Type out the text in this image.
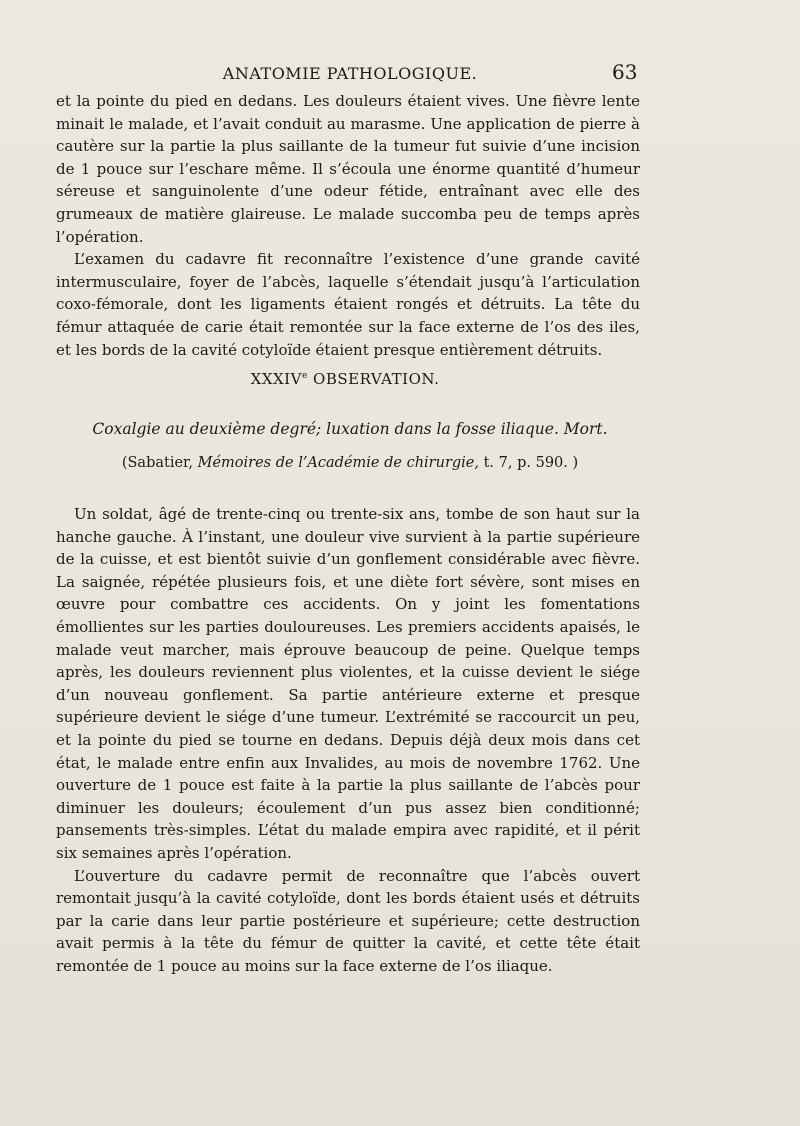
ANATOMIE PATHOLOGIQUE.	63

et la pointe du pied en dedans. Les douleurs étaient vives. Une fièvre lente minait le malade, et l’avait conduit au marasme. Une application de pierre à cautère sur la partie la plus saillante de la tumeur fut suivie d’une incision de 1 pouce sur l’eschare même. Il s’écoula une énorme quantité d’humeur séreuse et sanguinolente d’une odeur fétide, entraînant avec elle des grumeaux de matière glaireuse. Le malade succomba peu de temps après l’opération.

L’examen du cadavre fit reconnaître l’existence d’une grande cavité intermusculaire, foyer de l’abcès, laquelle s’étendait jusqu’à l’articulation coxo-fémorale, dont les ligaments étaient rongés et détruits. La tête du fémur attaquée de carie était remontée sur la face externe de l’os des iles, et les bords de la cavité cotyloïde étaient presque entièrement détruits.

XXXIVe OBSERVATION.
Coxalgie au deuxième degré; luxation dans la fosse iliaque. Mort.
(Sabatier, Mémoires de l’Académie de chirurgie, t. 7, p. 590. )

Un soldat, âgé de trente-cinq ou trente-six ans, tombe de son haut sur la hanche gauche. À l’instant, une douleur vive survient à la partie supérieure de la cuisse, et est bientôt suivie d’un gonflement considérable avec fièvre. La saignée, répétée plusieurs fois, et une diète fort sévère, sont mises en œuvre pour combattre ces accidents. On y joint les fomentations émollientes sur les parties douloureuses. Les premiers accidents apaisés, le malade veut marcher, mais éprouve beaucoup de peine. Quelque temps après, les douleurs reviennent plus violentes, et la cuisse devient le siége d’un nouveau gonflement. Sa partie antérieure externe et presque supérieure devient le siége d’une tumeur. L’extrémité se raccourcit un peu, et la pointe du pied se tourne en dedans. Depuis déjà deux mois dans cet état, le malade entre enfin aux Invalides, au mois de novembre 1762. Une ouverture de 1 pouce est faite à la partie la plus saillante de l’abcès pour diminuer les douleurs; écoulement d’un pus assez bien conditionné; pansements très-simples. L’état du malade empira avec rapidité, et il périt six semaines après l’opération.

L’ouverture du cadavre permit de reconnaître que l’abcès ouvert remontait jusqu’à la cavité cotyloïde, dont les bords étaient usés et détruits par la carie dans leur partie postérieure et supérieure; cette destruction avait permis à la tête du fémur de quitter la cavité, et cette tête était remontée de 1 pouce au moins sur la face externe de l’os iliaque.
